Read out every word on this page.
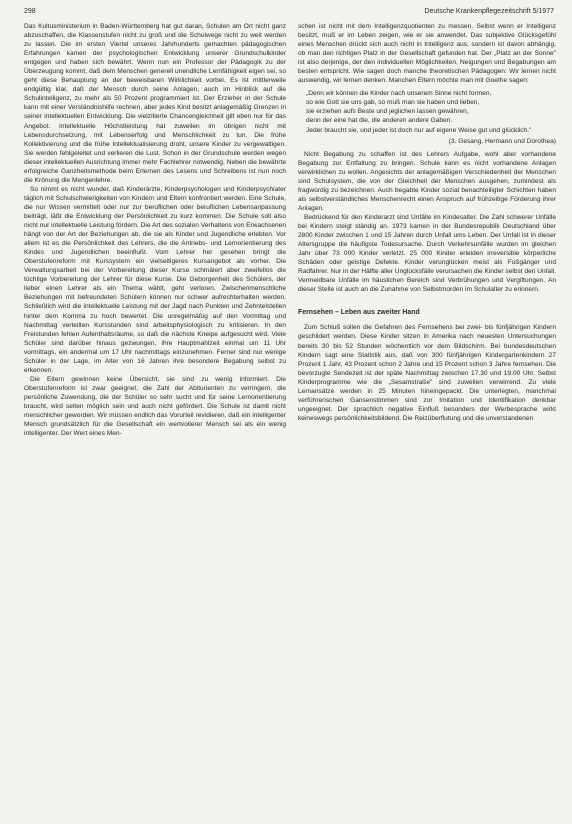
298	Deutsche Krankenpflegezeitschrift 5/1977

Das Kultusministerium in Baden-Württemberg hat gut daran, Schulen am Ort nicht ganz abzuschaffen, die Klassenstufen nicht zu groß und die Schulwege nicht zu weit werden zu lassen. Die im ersten Viertel unseres Jahrhunderts gemachten pädagogischen Erfahrungen kamen der psychologischen Entwicklung unserer Grundschulkinder entgegen und haben sich bewährt. Wenn nun ein Professor der Pädagogik zu der Überzeugung kommt, daß dem Menschen generell unendliche Lernfähigkeit eigen sei, so geht diese Behauptung an der beweisbaren Wirklichkeit vorbei. Es ist mittlerweile endgültig klar, daß der Mensch durch seine Anlagen, auch im Hinblick auf die Schulintelligenz, zu mehr als 50 Prozent programmiert ist. Der Erzieher in der Schule kann mit einer Verständnishilfe rechnen, aber jedes Kind besitzt anlagemäßig Grenzen in seiner intellektuellen Entwicklung. Die vielzitierte Chancengleichheit gilt eben nur für das Angebot. Intellektuelle Höchstleistung hat zuweilen im übrigen nicht mit Lebensdurchsetzung, mit Lebenserfolg und Menschlichkeit zu tun. Die frühe Kollektivierung und die frühe Intellektualisierung droht, unsere Kinder zu vergewaltigen. Sie werden fehlgeleitet und verlieren die Lust. Schon in der Grundschule werden wegen dieser intellektuellen Ausrichtung immer mehr Fachlehrer notwendig. Neben die bewährte erfolgreiche Ganzheitsmethode beim Erlernen des Lesens und Schreibens ist nun noch die Krönung die Mengenlehre.

So nimmt es nicht wunder, daß Kinderärzte, Kinderpsychologen und Kinderpsychiater täglich mit Schulschwierigkeiten von Kindern und Eltern konfrontiert werden. Eine Schule, die nur Wissen vermittelt oder nur zur beruflichen oder beruflichen Lebensanpassung beiträgt, läßt die Entwicklung der Persönlichkeit zu kurz kommen. Die Schule soll also nicht nur intellektuelle Leistung fördern. Die Art des sozialen Verhaltens von Erwachsenen hängt von der Art der Beziehungen ab, die sie als Kinder und Jugendliche erlebten. Vor allem ist es die Persönlichkeit des Lehrers, die die Antriebs- und Lernorientierung des Kindes und Jugendlichen beeinflußt. Vom Lehrer her gesehen bringt die Oberstufenreform mit Kurssystem ein vielseitigeres Kursangebot als vorher. Die Verwaltungsarbeit bei der Vorbereitung dieser Kurse schmälert aber zweifellos die tüchtige Vorbereitung der Lehrer für diese Kurse. Die Geborgenheit des Schülers, der lieber einen Lehrer als ein Thema wählt, geht verloren. Zwischenmenschliche Beziehungen mit befreundeten Schülern können nur schwer aufrechterhalten werden. Schließlich wird die intellektuelle Leistung mit der Jagd nach Punkten und Zehntelstellen hinter dem Komma zu hoch bewertet. Die unregelmäßig auf den Vormittag und Nachmittag verteilten Kursstunden sind arbeitsphysiologisch zu kritisieren. In den Freistunden fehlen Aufenthaltsräume, so daß die nächste Kneipe aufgesucht wird. Viele Schüler sind darüber hinaus gezwungen, ihre Hauptmahlzeit einmal um 11 Uhr vormittags, ein andermal um 17 Uhr nachmittags einzunehmen. Ferner sind nur wenige Schüler in der Lage, im Alter von 16 Jahren ihre besondere Begabung selbst zu erkennen.

Die Eltern gewinnen keine Übersicht, sie sind zu wenig informiert. Die Oberstufenreform ist zwar geeignet, die Zahl der Abiturienten zu verringern, die persönliche Zuwendung, die der Schüler so sehr sucht und für seine Lernorientierung braucht, wird selten möglich sein und auch nicht gefördert. Die Schule ist damit nicht menschlicher geworden. Wir müssen endlich das Vorurteil revidieren, daß ein intelligenter Mensch grundsätzlich für die Gesellschaft ein wertvollerer Mensch sei als ein wenig intelligenter. Der Wert eines Men-

schen ist nicht mit dem Intelligenzquotienten zu messen. Selbst wenn er Intelligenz besitzt, muß er im Leben zeigen, wie er sie anwendet. Das subjektive Glücksgefühl eines Menschen drückt sich auch nicht in Intelligenz aus, sondern ist davon abhängig, ob man den richtigen Platz in der Gesellschaft gefunden hat. Der „Platz an der Sonne" ist also derjenige, der den individuellen Möglichkeiten, Neigungen und Begabungen am besten entspricht. Wie sagen doch manche theoretischen Pädagogen: Wir lernen nicht auswendig, wir lernen denken. Manchen Eltern möchte man mit Goethe sagen:

„Denn wir können die Kinder nach unserem Sinne nicht formen,
so wie Gott sie uns gab, so muß man sie haben und lieben,
sie erziehen aufs Beste und jeglichen lassen gewähren,
denn der eine hat die, die anderen andere Gaben.
Jeder braucht sie, und jeder ist doch nur auf eigene Weise gut und glücklich."
(3. Gesang, Hermann und Dorothea)

Nicht Begabung zu schaffen ist des Lehrers Aufgabe, wohl aber vorhandene Begabung zur Entfaltung zu bringen. Schule kann es nicht vorhandene Anlagen verwirklichen zu wollen. Angesichts der anlagemäßigen Verschiedenheit der Menschen sind Schulsystem, die von der Gleichheit der Menschen ausgehen, zumindest als fragwürdig zu bezeichnen. Auch begabte Kinder sozial benachteiligter Schichten haben als selbstverständliches Menschenrecht einen Anspruch auf frühzeitige Förderung ihrer Anlagen.

Bedrückend für den Kinderarzt sind Unfälle im Kindesalter. Die Zahl schwerer Unfälle bei Kindern steigt ständig an. 1973 kamen in der Bundesrepublik Deutschland über 2800 Kinder zwischen 1 und 15 Jahren durch Unfall ums Leben. Der Unfall ist in dieser Altersgruppe die häufigste Todesursache. Durch Verkehrsunfälle wurden im gleichen Jahr über 73 000 Kinder verletzt. 25 000 Kinder erleiden irreversible körperliche Schäden oder geistige Defekte. Kinder verunglücken meist als Fußgänger und Radfahrer. Nur in der Hälfte aller Unglücksfälle verursachen die Kinder selbst den Unfall. Vermeidbare Unfälle im häuslichen Bereich sind Verbrühungen und Vergiftungen. An dieser Stelle ist auch an die Zunahme von Selbstmorden im Schulalter zu erinnern.

Fernsehen – Leben aus zweiter Hand

Zum Schluß sollen die Gefahren des Fernsehens bei zwei- bis fünfjährigen Kindern geschildert werden. Diese Kinder sitzen in Amerika nach neuesten Untersuchungen bereits 30 bis 52 Stunden wöchentlich vor dem Bildschirm. Bei bundesdeutschen Kindern sagt eine Statistik aus, daß von 300 fünfjährigen Kindergartenkindern 27 Prozent 1 Jahr, 43 Prozent schon 2 Jahre und 15 Prozent schon 3 Jahre fernsehen. Die bevorzugte Sendezeit ist der späte Nachmittag zwischen 17.30 und 19.00 Uhr. Selbst Kinderprogramme wie die „Sesamstraße" sind zuweilen verwirrend. Zu viele Lernansätze werden in 25 Minuten hineingepackt. Die unterlegten, manchmal verführerischen Gansenstimmen sind zur Imitation und Identifikation denkbar ungeeignet. Der sprachlich negative Einfluß besonders der Werbesprache wirkt keineswegs persönlichkeitsbildend. Die Reizüberflutung und die unverstandenen
